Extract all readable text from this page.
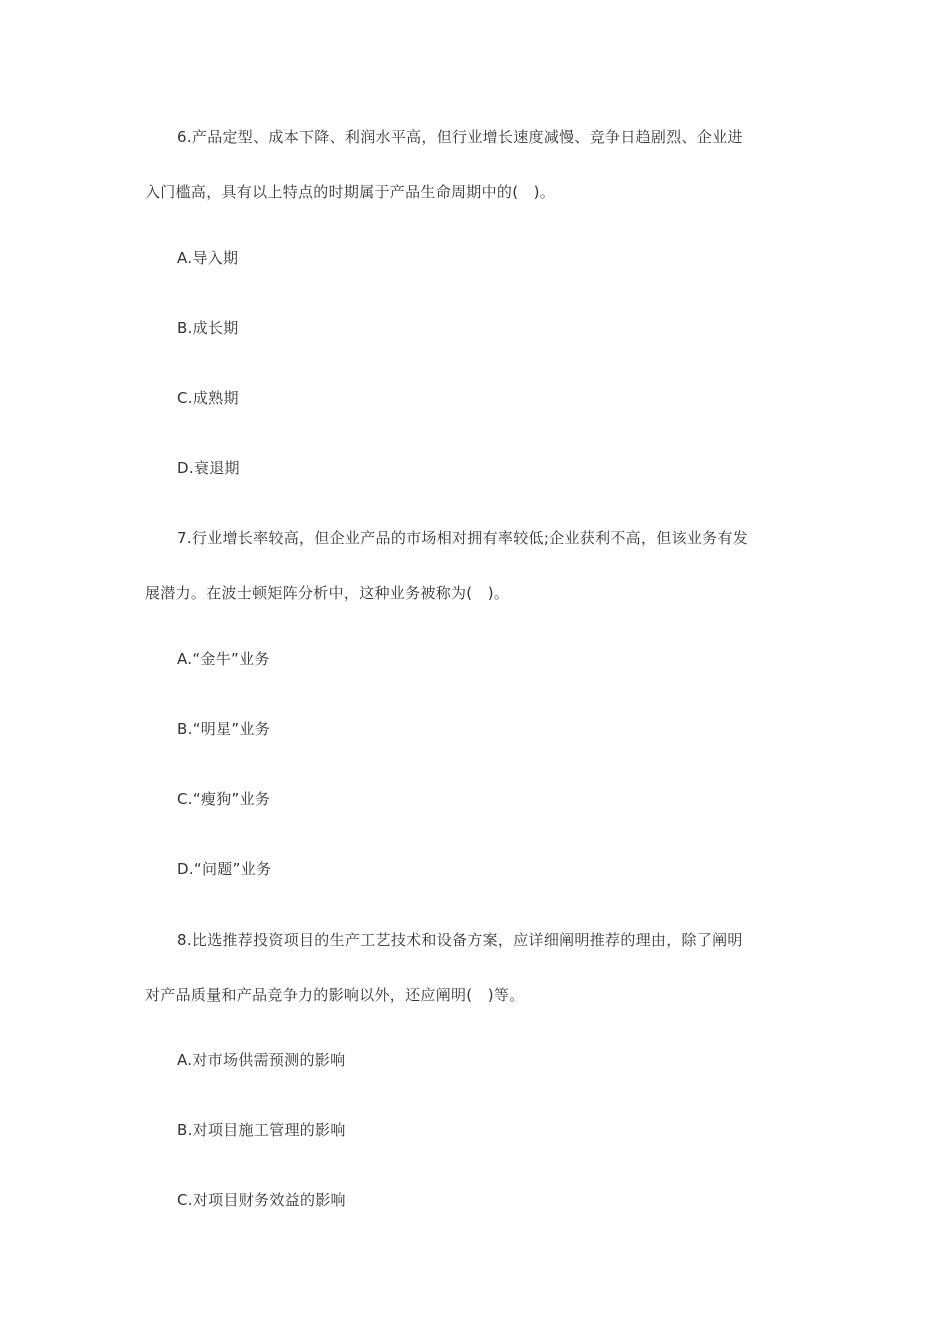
6.产品定型、成本下降、利润水平高，但行业增长速度减慢、竞争日趋剧烈、企业进
入门槛高，具有以上特点的时期属于产品生命周期中的(　)。
A.导入期
B.成长期
C.成熟期
D.衰退期
7.行业增长率较高，但企业产品的市场相对拥有率较低;企业获利不高，但该业务有发
展潜力。在波士顿矩阵分析中，这种业务被称为(　)。
A.“金牛”业务
B.“明星”业务
C.“瘦狗”业务
D.“问题”业务
8.比选推荐投资项目的生产工艺技术和设备方案，应详细阐明推荐的理由，除了阐明
对产品质量和产品竞争力的影响以外，还应阐明(　)等。
A.对市场供需预测的影响
B.对项目施工管理的影响
C.对项目财务效益的影响
